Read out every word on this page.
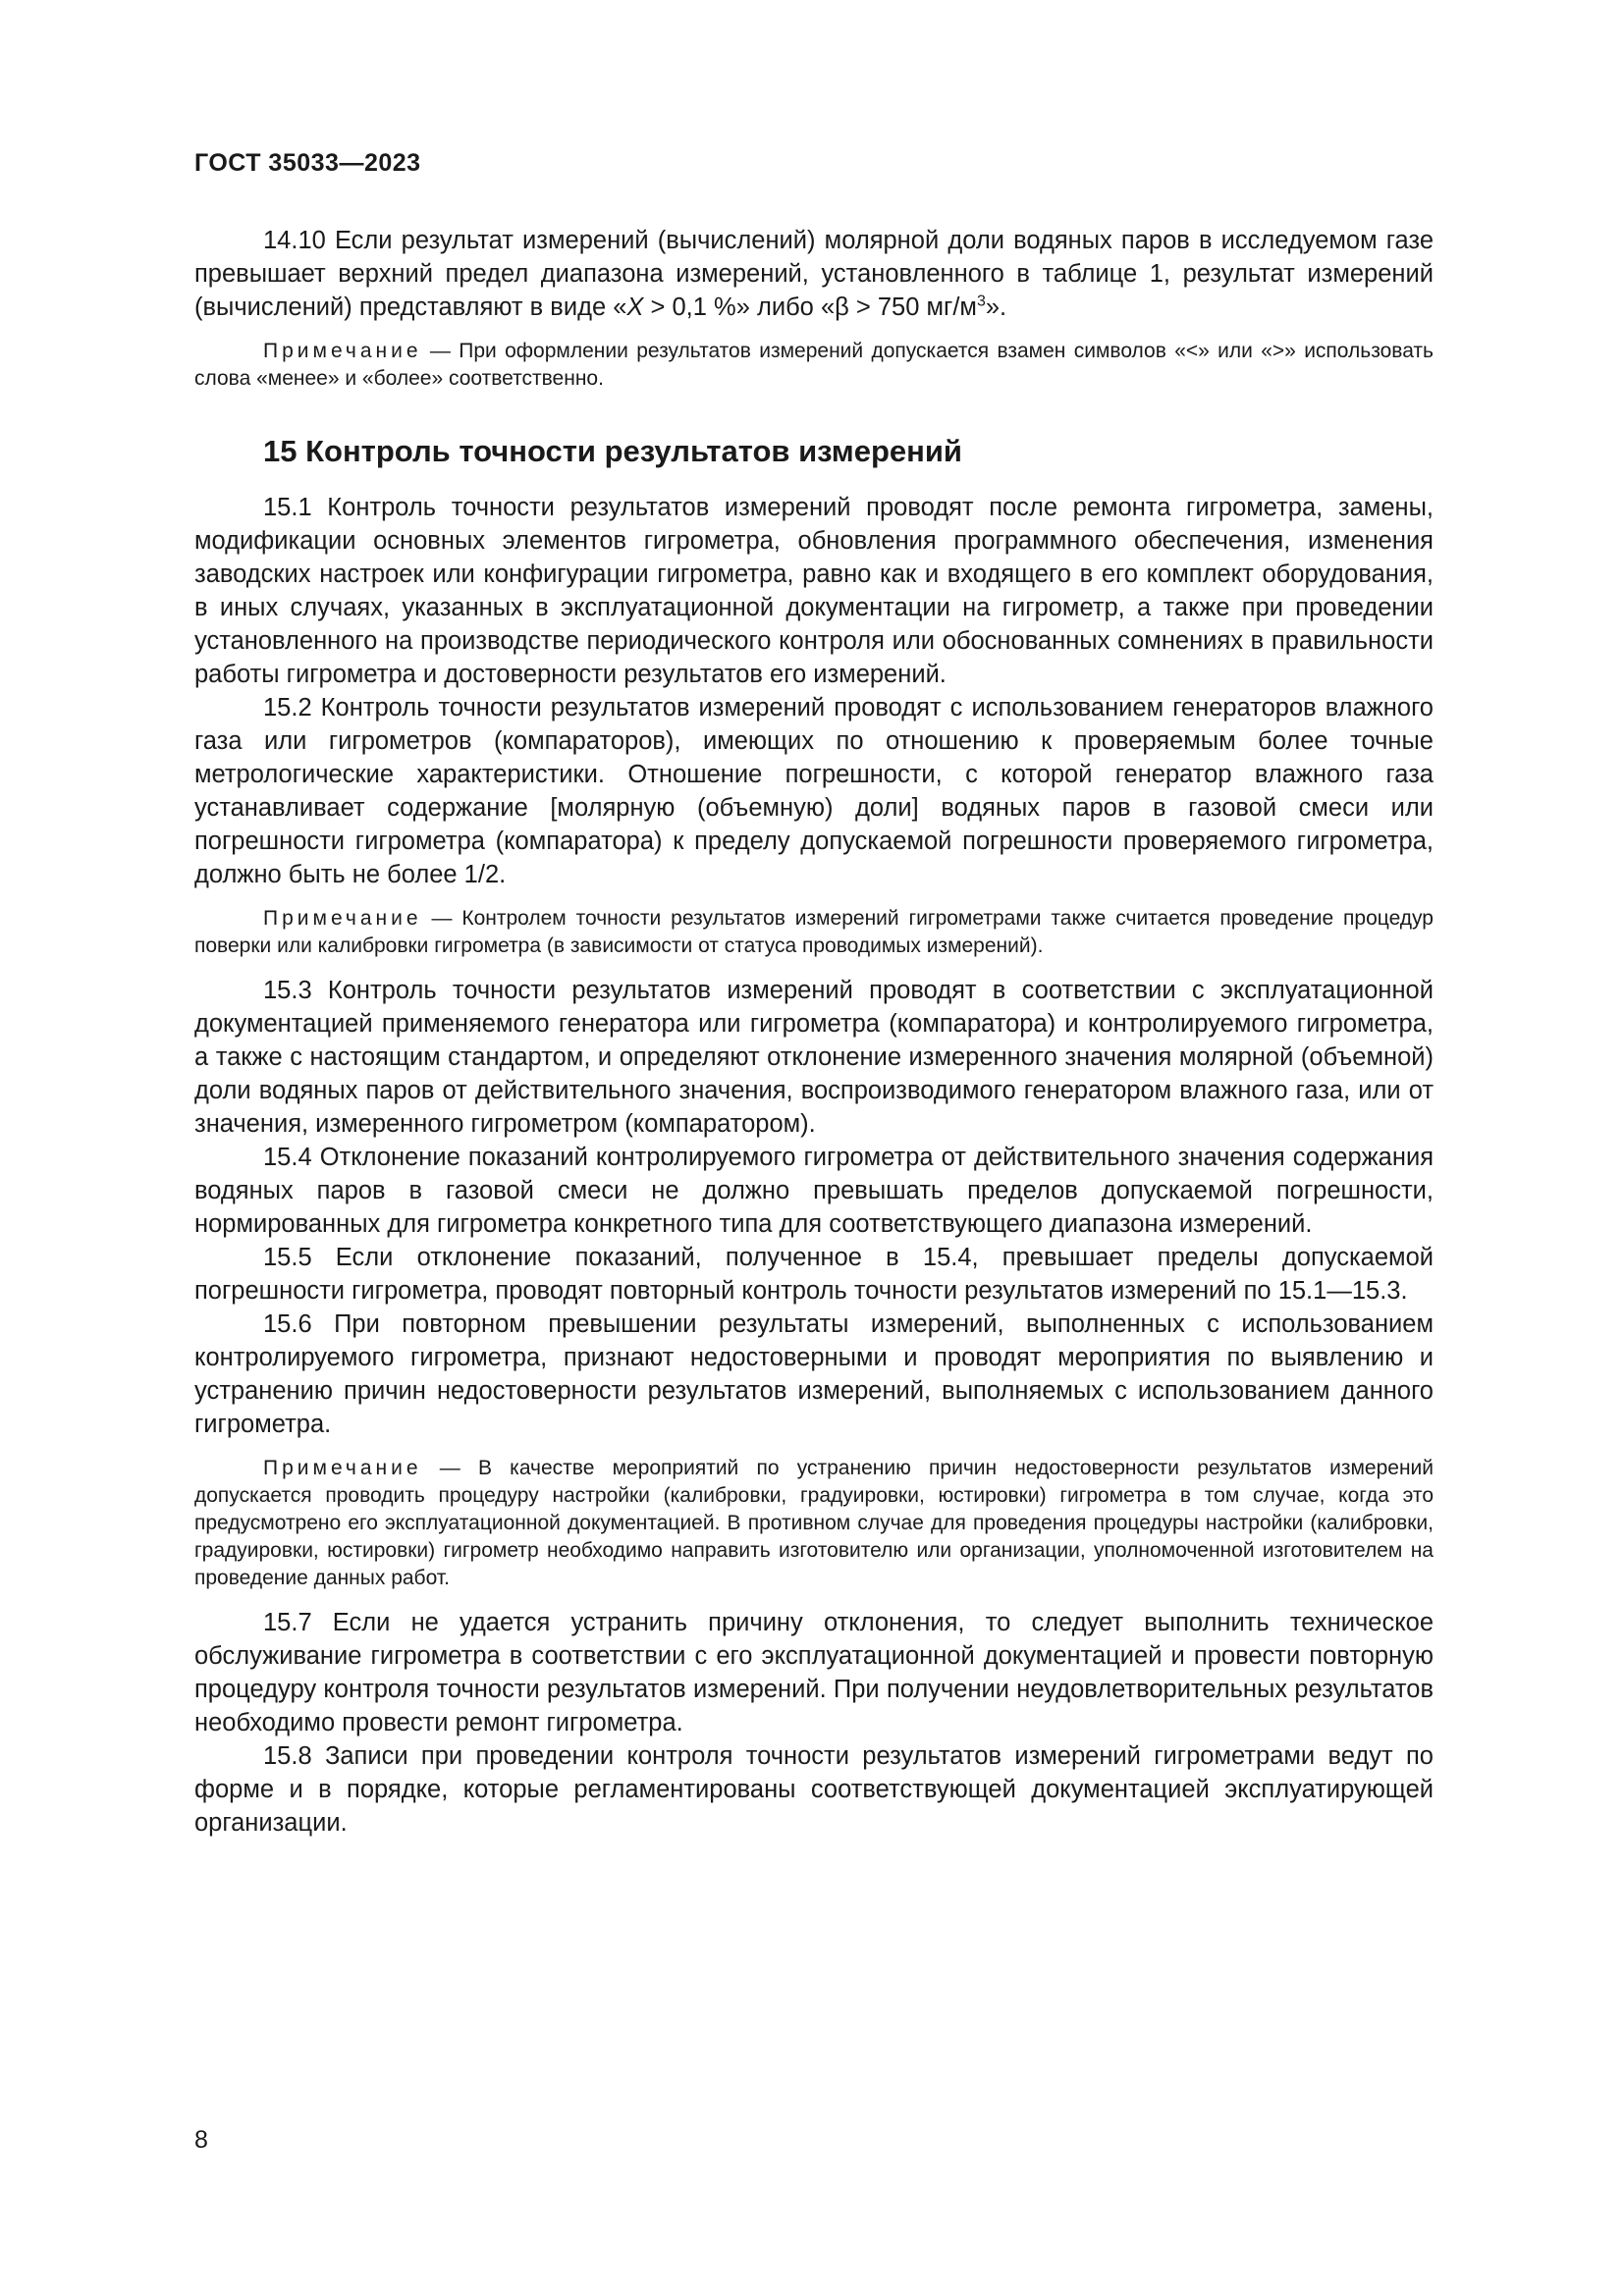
ГОСТ 35033—2023

14.10 Если результат измерений (вычислений) молярной доли водяных паров в исследуемом газе превышает верхний предел диапазона измерений, установленного в таблице 1, результат измерений (вычислений) представляют в виде «X > 0,1 %» либо «β > 750 $мг/м^3$».

Примечание — При оформлении результатов измерений допускается взамен символов «<» или «>» использовать слова «менее» и «более» соответственно.

15 Контроль точности результатов измерений

15.1 Контроль точности результатов измерений проводят после ремонта гигрометра, замены, модификации основных элементов гигрометра, обновления программного обеспечения, изменения заводских настроек или конфигурации гигрометра, равно как и входящего в его комплект оборудования, в иных случаях, указанных в эксплуатационной документации на гигрометр, а также при проведении установленного на производстве периодического контроля или обоснованных сомнениях в правильности работы гигрометра и достоверности результатов его измерений.

15.2 Контроль точности результатов измерений проводят с использованием генераторов влажного газа или гигрометров (компараторов), имеющих по отношению к проверяемым более точные метрологические характеристики. Отношение погрешности, с которой генератор влажного газа устанавливает содержание [молярную (объемную) доли] водяных паров в газовой смеси или погрешности гигрометра (компаратора) к пределу допускаемой погрешности проверяемого гигрометра, должно быть не более 1/2.

Примечание — Контролем точности результатов измерений гигрометрами также считается проведение процедур поверки или калибровки гигрометра (в зависимости от статуса проводимых измерений).

15.3 Контроль точности результатов измерений проводят в соответствии с эксплуатационной документацией применяемого генератора или гигрометра (компаратора) и контролируемого гигрометра, а также с настоящим стандартом, и определяют отклонение измеренного значения молярной (объемной) доли водяных паров от действительного значения, воспроизводимого генератором влажного газа, или от значения, измеренного гигрометром (компаратором).

15.4 Отклонение показаний контролируемого гигрометра от действительного значения содержания водяных паров в газовой смеси не должно превышать пределов допускаемой погрешности, нормированных для гигрометра конкретного типа для соответствующего диапазона измерений.

15.5 Если отклонение показаний, полученное в 15.4, превышает пределы допускаемой погрешности гигрометра, проводят повторный контроль точности результатов измерений по 15.1—15.3.

15.6 При повторном превышении результаты измерений, выполненных с использованием контролируемого гигрометра, признают недостоверными и проводят мероприятия по выявлению и устранению причин недостоверности результатов измерений, выполняемых с использованием данного гигрометра.

Примечание — В качестве мероприятий по устранению причин недостоверности результатов измерений допускается проводить процедуру настройки (калибровки, градуировки, юстировки) гигрометра в том случае, когда это предусмотрено его эксплуатационной документацией. В противном случае для проведения процедуры настройки (калибровки, градуировки, юстировки) гигрометр необходимо направить изготовителю или организации, уполномоченной изготовителем на проведение данных работ.

15.7 Если не удается устранить причину отклонения, то следует выполнить техническое обслуживание гигрометра в соответствии с его эксплуатационной документацией и провести повторную процедуру контроля точности результатов измерений. При получении неудовлетворительных результатов необходимо провести ремонт гигрометра.

15.8 Записи при проведении контроля точности результатов измерений гигрометрами ведут по форме и в порядке, которые регламентированы соответствующей документацией эксплуатирующей организации.

8
